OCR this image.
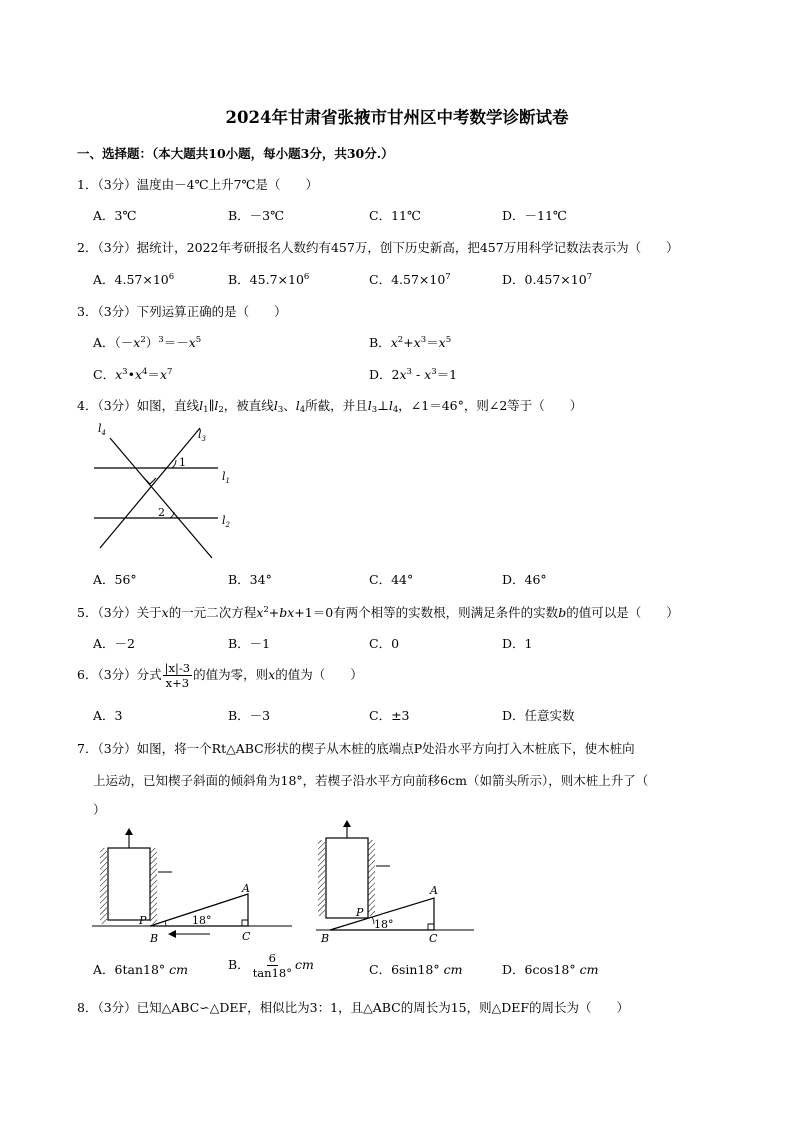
2024年甘肃省张掖市甘州区中考数学诊断试卷
一、选择题：（本大题共10小题，每小题3分，共30分.）
1．（3分）温度由－4℃上升7℃是（　　）
A．3℃	B．－3℃	C．11℃	D．－11℃
2．（3分）据统计，2022年考研报名人数约有457万，创下历史新高，把457万用科学记数法表示为（　　）
A．$4.57\times 10^6$	B．$45.7\times 10^6$	C．$4.57\times 10^7$	D．$0.457\times 10^7$
3．（3分）下列运算正确的是（　　）
A．$(-x^2)^3=-x^5$	B．$x^2+x^3=x^5$
C．$x^3•x^4=x^7$	D．$2x^3 - x^3=1$
4．（3分）如图，直线$l_1\parallel l_2$，被直线$l_3$、$l_4$所截，并且$l_3\perp l_4$，∠1＝46°，则∠2等于（　　）
$l_4$	$l_3$
$l_1$
$l_2$
1
2
A．56°	B．34°	C．44°	D．46°
5．（3分）关于x的一元二次方程$x^2+bx+1=0$有两个相等的实数根，则满足条件的实数b的值可以是（　　）
A．－2	B．－1	C．0	D．1
6．（3分）分式 $\frac{|x|-3}{x+3}$ 的值为零，则x的值为（　　）
A．3	B．－3	C．±3	D．任意实数
7．（3分）如图，将一个Rt△ABC形状的楔子从木桩的底端点P处沿水平方向打入木桩底下，使木桩向
上运动，已知楔子斜面的倾斜角为18°，若楔子沿水平方向前移6cm（如箭头所示），则木桩上升了（
）
P
B	C
A
18°
P
B	C
A
18°
A．6tan18° cm	B． $\frac{6}{\tan 18^\circ}$ cm	C．6sin18° cm	D．6cos18° cm
8．（3分）已知△ABC∽△DEF，相似比为3：1，且△ABC的周长为15，则△DEF的周长为（　　）
